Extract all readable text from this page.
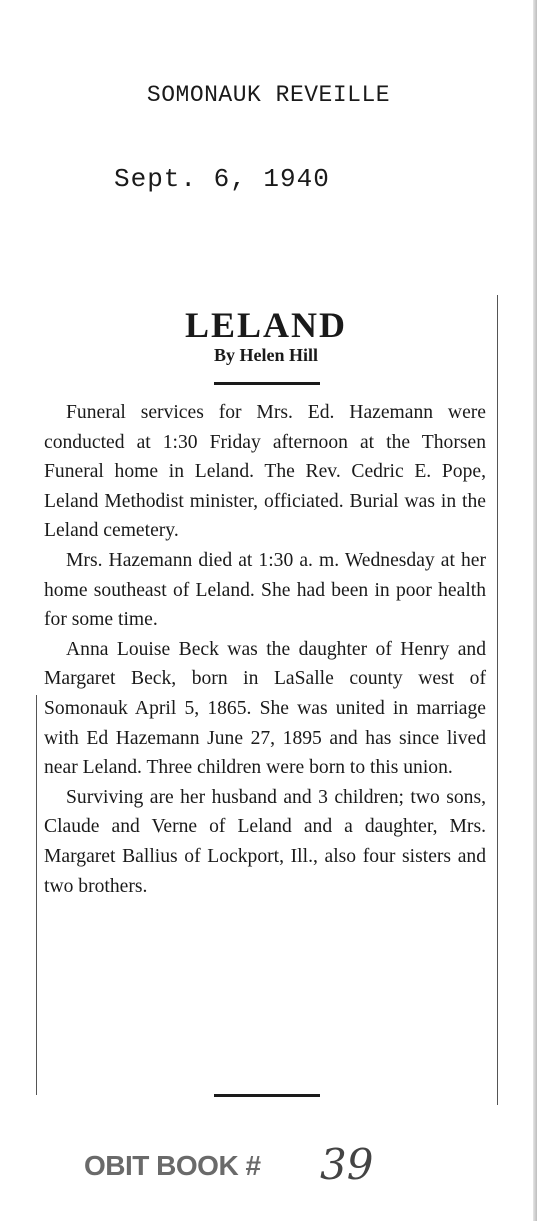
SOMONAUK REVEILLE
Sept. 6, 1940
LELAND
By Helen Hill

Funeral services for Mrs. Ed. Hazemann were conducted at 1:30 Friday afternoon at the Thorsen Funeral home in Leland. The Rev. Cedric E. Pope, Leland Methodist minister, officiated. Burial was in the Leland cemetery.

Mrs. Hazemann died at 1:30 a. m. Wednesday at her home southeast of Leland. She had been in poor health for some time.

Anna Louise Beck was the daughter of Henry and Margaret Beck, born in LaSalle county west of Somonauk April 5, 1865. She was united in marriage with Ed Hazemann June 27, 1895 and has since lived near Leland. Three children were born to this union.

Surviving are her husband and 3 children; two sons, Claude and Verne of Leland and a daughter, Mrs. Margaret Ballius of Lockport, Ill., also four sisters and two brothers.

OBIT BOOK # 39
